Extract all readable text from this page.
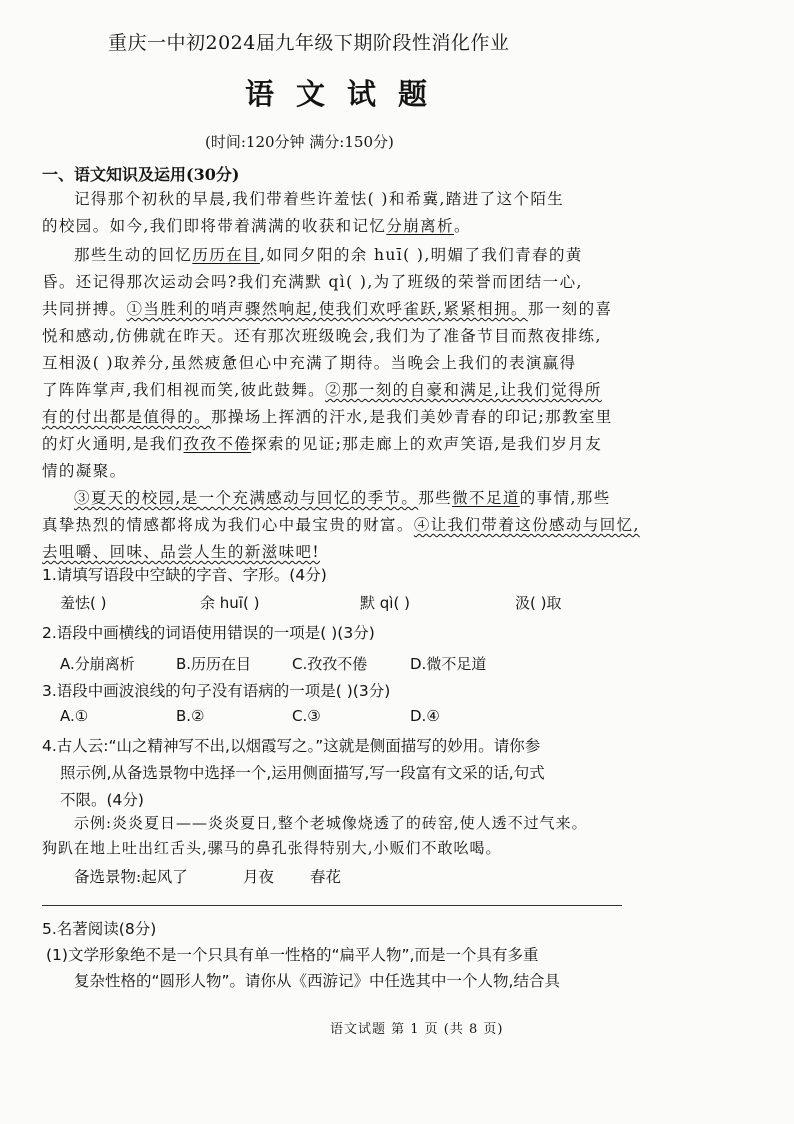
重庆一中初2024届九年级下期阶段性消化作业
语文试题
(时间:120分钟 满分:150分)
一、语文知识及运用(30分)
记得那个初秋的早晨,我们带着些许羞怯( )和希冀,踏进了这个陌生
的校园。如今,我们即将带着满满的收获和记忆分崩离析。
那些生动的回忆历历在目,如同夕阳的余 huī( ),明媚了我们青春的黄
昏。还记得那次运动会吗?我们充满默 qì( ),为了班级的荣誉而团结一心,
共同拼搏。①当胜利的哨声骤然响起,使我们欢呼雀跃,紧紧相拥。那一刻的喜
悦和感动,仿佛就在昨天。还有那次班级晚会,我们为了准备节目而熬夜排练,
互相汲( )取养分,虽然疲惫但心中充满了期待。当晚会上我们的表演赢得
了阵阵掌声,我们相视而笑,彼此鼓舞。②那一刻的自豪和满足,让我们觉得所
有的付出都是值得的。那操场上挥洒的汗水,是我们美妙青春的印记;那教室里
的灯火通明,是我们孜孜不倦探索的见证;那走廊上的欢声笑语,是我们岁月友
情的凝聚。
③夏天的校园,是一个充满感动与回忆的季节。那些微不足道的事情,那些
真挚热烈的情感都将成为我们心中最宝贵的财富。④让我们带着这份感动与回忆,
去咀嚼、回味、品尝人生的新滋味吧!
1.请填写语段中空缺的字音、字形。(4分)
羞怯( )	余 huī( )	默 qì( )	汲( )取
2.语段中画横线的词语使用错误的一项是( )(3分)
A.分崩离析	B.历历在目	C.孜孜不倦	D.微不足道
3.语段中画波浪线的句子没有语病的一项是( )(3分)
A.①	B.②	C.③	D.④
4.古人云:“山之精神写不出,以烟霞写之。”这就是侧面描写的妙用。请你参
照示例,从备选景物中选择一个,运用侧面描写,写一段富有文采的话,句式
不限。(4分)
示例:炎炎夏日——炎炎夏日,整个老城像烧透了的砖窑,使人透不过气来。
狗趴在地上吐出红舌头,骡马的鼻孔张得特别大,小贩们不敢吆喝。
备选景物:起风了	月夜 春花
5.名著阅读(8分)
(1)文学形象绝不是一个只具有单一性格的“扁平人物”,而是一个具有多重
复杂性格的“圆形人物”。请你从《西游记》中任选其中一个人物,结合具
语文试题 第 1 页 (共 8 页)
